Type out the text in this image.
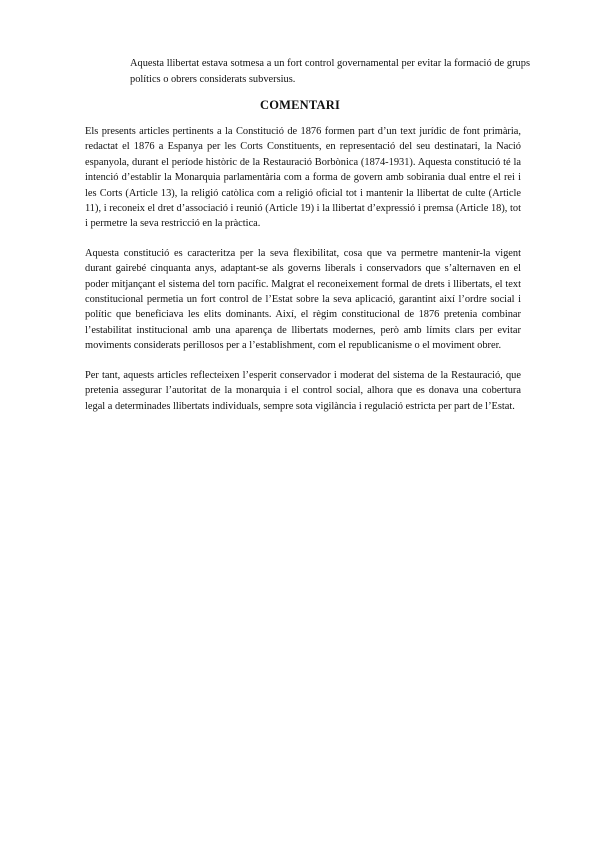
Aquesta llibertat estava sotmesa a un fort control governamental per evitar la formació de grups polítics o obrers considerats subversius.
COMENTARI

Els presents articles pertinents a la Constitució de 1876 formen part d’un text jurídic de font primària, redactat el 1876 a Espanya per les Corts Constituents, en representació del seu destinatari, la Nació espanyola, durant el període històric de la Restauració Borbònica (1874-1931). Aquesta constitució té la intenció d’establir la Monarquia parlamentària com a forma de govern amb sobirania dual entre el rei i les Corts (Article 13), la religió catòlica com a religió oficial tot i mantenir la llibertat de culte (Article 11), i reconeix el dret d’associació i reunió (Article 19) i la llibertat d’expressió i premsa (Article 18), tot i permetre la seva restricció en la pràctica.

Aquesta constitució es caracteritza per la seva flexibilitat, cosa que va permetre mantenir-la vigent durant gairebé cinquanta anys, adaptant-se als governs liberals i conservadors que s’alternaven en el poder mitjançant el sistema del torn pacífic. Malgrat el reconeixement formal de drets i llibertats, el text constitucional permetia un fort control de l’Estat sobre la seva aplicació, garantint així l’ordre social i polític que beneficiava les elits dominants. Així, el règim constitucional de 1876 pretenia combinar l’estabilitat institucional amb una aparença de llibertats modernes, però amb límits clars per evitar moviments considerats perillosos per a l’establishment, com el republicanisme o el moviment obrer.

Per tant, aquests articles reflecteixen l’esperit conservador i moderat del sistema de la Restauració, que pretenia assegurar l’autoritat de la monarquia i el control social, alhora que es donava una cobertura legal a determinades llibertats individuals, sempre sota vigilància i regulació estricta per part de l’Estat.
